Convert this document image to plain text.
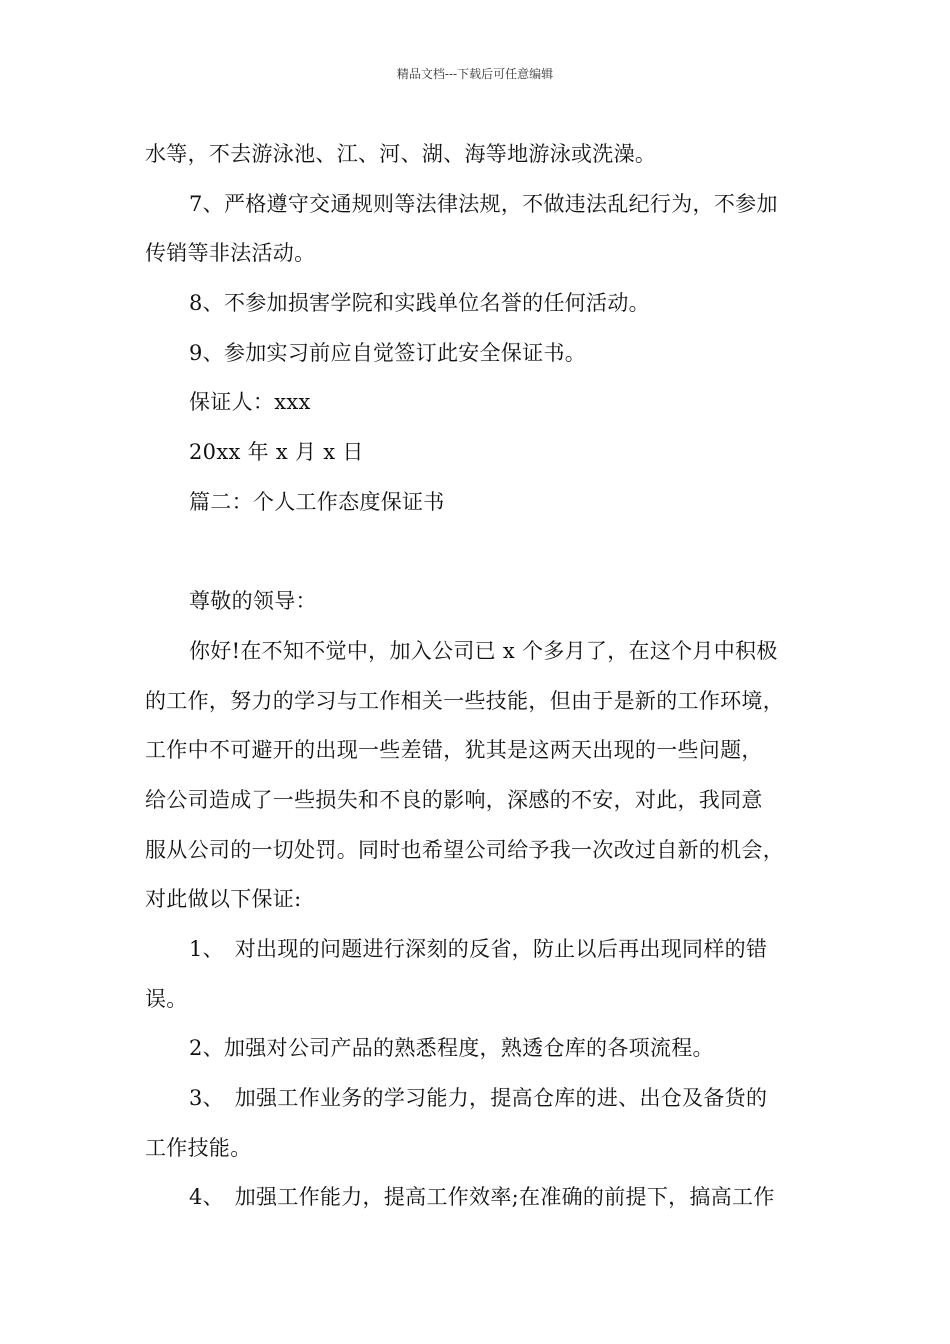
精品文档---下载后可任意编辑
水等，不去游泳池、江、河、湖、海等地游泳或洗澡。
7、严格遵守交通规则等法律法规，不做违法乱纪行为，不参加
传销等非法活动。
8、不参加损害学院和实践单位名誉的任何活动。
9、参加实习前应自觉签订此安全保证书。
保证人：xxx
20xx 年 x 月 x 日
篇二：个人工作态度保证书
尊敬的领导：
你好!在不知不觉中，加入公司已 x 个多月了，在这个月中积极
的工作，努力的学习与工作相关一些技能，但由于是新的工作环境，
工作中不可避开的出现一些差错，犹其是这两天出现的一些问题，
给公司造成了一些损失和不良的影响，深感的不安，对此，我同意
服从公司的一切处罚。同时也希望公司给予我一次改过自新的机会，
对此做以下保证:
1、　对出现的问题进行深刻的反省，防止以后再出现同样的错
误。
2、加强对公司产品的熟悉程度，熟透仓库的各项流程。
3、　加强工作业务的学习能力，提高仓库的进、出仓及备货的
工作技能。
4、　加强工作能力，提高工作效率;在准确的前提下，搞高工作
